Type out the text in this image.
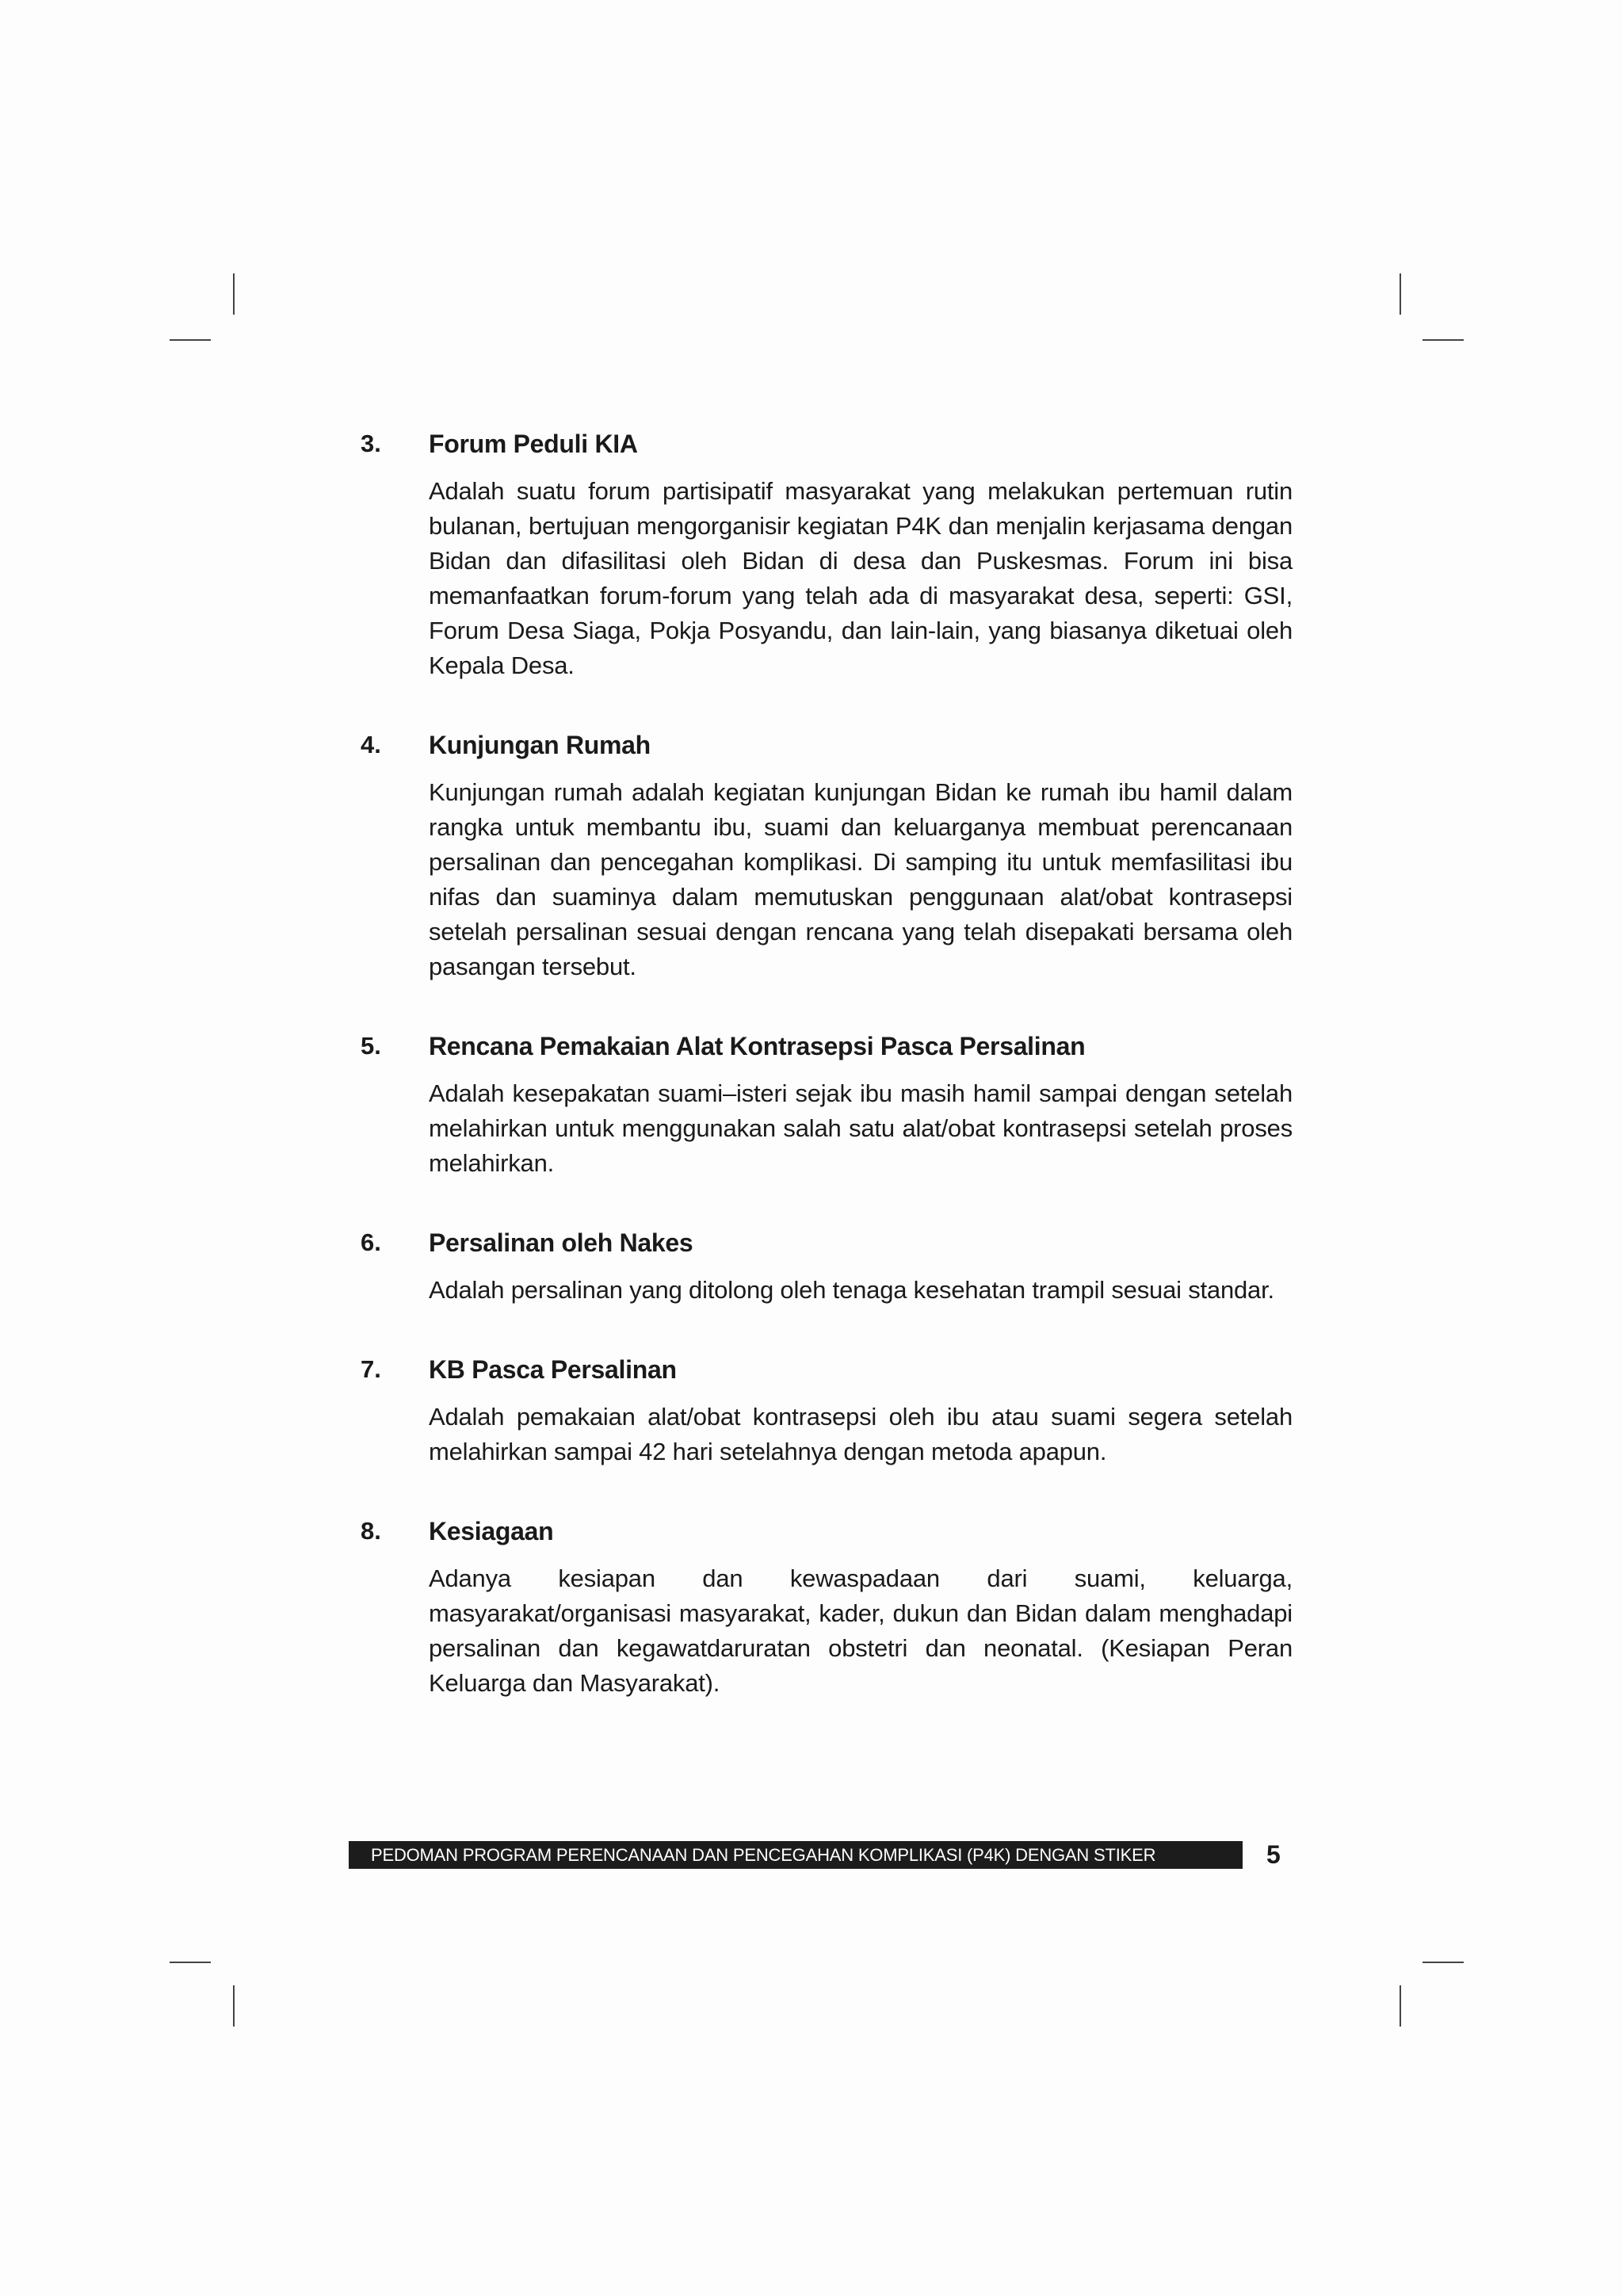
3. Forum Peduli KIA
Adalah suatu forum partisipatif masyarakat yang melakukan pertemuan rutin bulanan, bertujuan mengorganisir kegiatan P4K dan menjalin kerjasama dengan Bidan dan difasilitasi oleh Bidan di desa dan Puskesmas. Forum ini bisa memanfaatkan forum-forum yang telah ada di masyarakat desa, seperti: GSI, Forum Desa Siaga, Pokja Posyandu, dan lain-lain, yang biasanya diketuai oleh Kepala Desa.
4. Kunjungan Rumah
Kunjungan rumah adalah kegiatan kunjungan Bidan ke rumah ibu hamil dalam rangka untuk membantu ibu, suami dan keluarganya membuat perencanaan persalinan dan pencegahan komplikasi. Di samping itu untuk memfasilitasi ibu nifas dan suaminya dalam memutuskan penggunaan alat/obat kontrasepsi setelah persalinan sesuai dengan rencana yang telah disepakati bersama oleh pasangan tersebut.
5. Rencana Pemakaian Alat Kontrasepsi Pasca Persalinan
Adalah kesepakatan suami–isteri sejak ibu masih hamil sampai dengan setelah melahirkan untuk menggunakan salah satu alat/obat kontrasepsi setelah proses melahirkan.
6. Persalinan oleh Nakes
Adalah persalinan yang ditolong oleh tenaga kesehatan trampil sesuai standar.
7. KB Pasca Persalinan
Adalah pemakaian alat/obat kontrasepsi oleh ibu atau suami segera setelah melahirkan sampai 42 hari setelahnya dengan metoda apapun.
8. Kesiagaan
Adanya kesiapan dan kewaspadaan dari suami, keluarga, masyarakat/organisasi masyarakat, kader, dukun dan Bidan dalam menghadapi persalinan dan kegawatdaruratan obstetri dan neonatal. (Kesiapan Peran Keluarga dan Masyarakat).
PEDOMAN PROGRAM PERENCANAAN DAN PENCEGAHAN KOMPLIKASI (P4K) DENGAN STIKER	5
